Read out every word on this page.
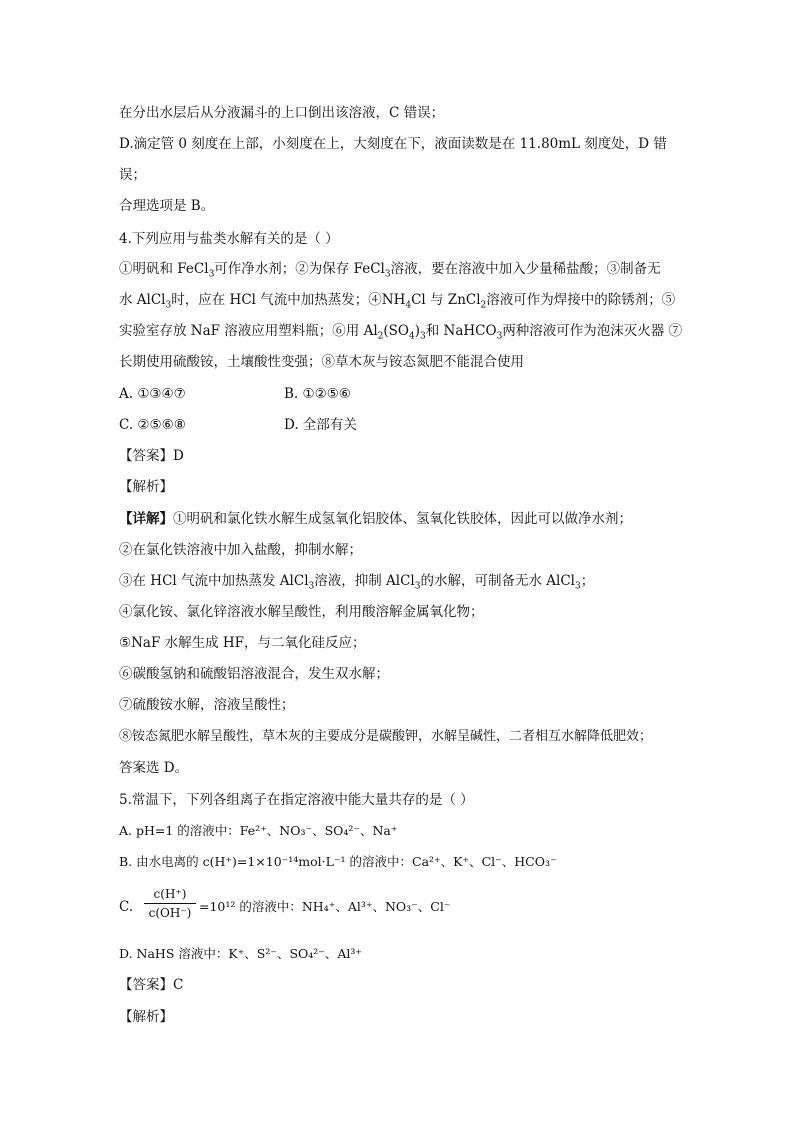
在分出水层后从分液漏斗的上口倒出该溶液，C 错误；
D.滴定管 0 刻度在上部，小刻度在上，大刻度在下，液面读数是在 11.80mL 刻度处，D 错
误；
合理选项是 B。
4.下列应用与盐类水解有关的是（ ）
①明矾和 FeCl$_3$可作净水剂；②为保存 FeCl$_3$溶液，要在溶液中加入少量稀盐酸；③制备无
水 AlCl$_3$时，应在 HCl 气流中加热蒸发；$④NH_4Cl$ 与 ZnCl$_2$溶液可作为焊接中的除锈剂；⑤
实验室存放 NaF 溶液应用塑料瓶；⑥用 $Al_2(SO_4)_3$和 NaHCO$_3$两种溶液可作为泡沫灭火器 ⑦
长期使用硫酸铵，土壤酸性变强；⑧草木灰与铵态氮肥不能混合使用
A. ①③④⑦	B. ①②⑤⑥
C. ②⑤⑥⑧	D. 全部有关
【答案】D
【解析】
【详解】①明矾和氯化铁水解生成氢氧化铝胶体、氢氧化铁胶体，因此可以做净水剂；
②在氯化铁溶液中加入盐酸，抑制水解；
③在 HCl 气流中加热蒸发 AlCl$_3$溶液，抑制 AlCl$_3$的水解，可制备无水 AlCl$_3$；
④氯化铵、氯化锌溶液水解呈酸性，利用酸溶解金属氧化物；
⑤NaF 水解生成 HF，与二氧化硅反应；
⑥碳酸氢钠和硫酸铝溶液混合，发生双水解；
⑦硫酸铵水解，溶液呈酸性；
⑧铵态氮肥水解呈酸性，草木灰的主要成分是碳酸钾，水解呈碱性，二者相互水解降低肥效；
答案选 D。
5.常温下，下列各组离子在指定溶液中能大量共存的是（ ）
A. pH=1 的溶液中：Fe²⁺、NO₃⁻、SO₄²⁻、Na⁺
B. 由水电离的 c(H⁺)=1×10⁻¹⁴mol·L⁻¹ 的溶液中：Ca²⁺、K⁺、Cl⁻、HCO₃⁻
C. $\frac{c(H^+)}{c(OH^-)} =10^{12}$ 的溶液中：NH₄⁺、Al³⁺、NO₃⁻、Cl⁻
D. NaHS 溶液中：K⁺、S²⁻、SO₄²⁻、Al³⁺
【答案】C
【解析】
